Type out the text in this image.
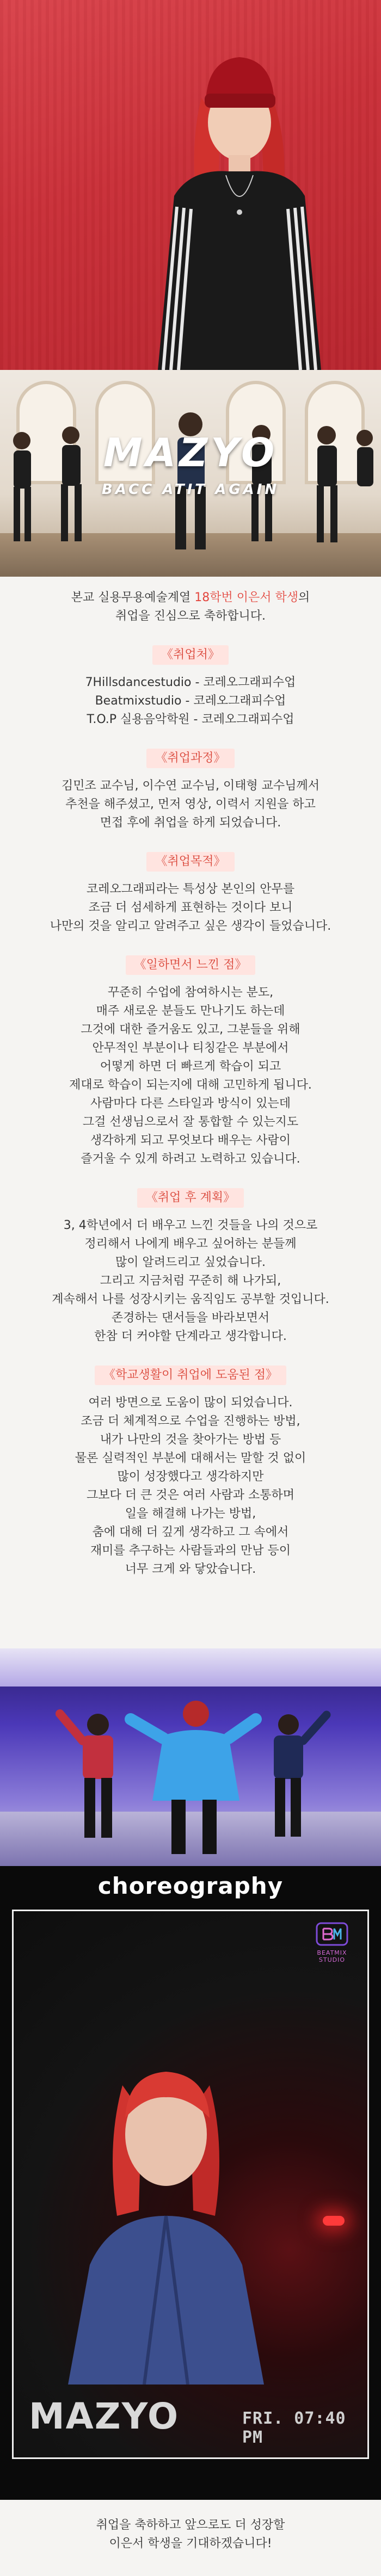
MAZYO
BACC ATIT AGAIN
본교 실용무용예술계열 18학번 이은서 학생의
취업을 진심으로 축하합니다.
《취업처》
7Hillsdancestudio - 코레오그래피수업
Beatmixstudio - 코레오그래피수업
T.O.P 실용음악학원 - 코레오그래피수업
《취업과정》
김민조 교수님, 이수연 교수님, 이태형 교수님께서
추천을 해주셨고, 먼저 영상, 이력서 지원을 하고
면접 후에 취업을 하게 되었습니다.
《취업목적》
코레오그래피라는 특성상 본인의 안무를
조금 더 섬세하게 표현하는 것이다 보니
나만의 것을 알리고 알려주고 싶은 생각이 들었습니다.
《일하면서 느낀 점》
꾸준히 수업에 참여하시는 분도,
매주 새로운 분들도 만나기도 하는데
그것에 대한 즐거움도 있고, 그분들을 위해
안무적인 부분이나 티칭같은 부분에서
어떻게 하면 더 빠르게 학습이 되고
제대로 학습이 되는지에 대해 고민하게 됩니다.
사람마다 다른 스타일과 방식이 있는데
그걸 선생님으로서 잘 통합할 수 있는지도
생각하게 되고 무엇보다 배우는 사람이
즐거울 수 있게 하려고 노력하고 있습니다.
《취업 후 계획》
3, 4학년에서 더 배우고 느낀 것들을 나의 것으로
정리해서 나에게 배우고 싶어하는 분들께
많이 알려드리고 싶었습니다.
그리고 지금처럼 꾸준히 해 나가되,
계속해서 나를 성장시키는 움직임도 공부할 것입니다.
존경하는 댄서들을 바라보면서
한참 더 커야할 단계라고 생각합니다.
《학교생활이 취업에 도움된 점》
여러 방면으로 도움이 많이 되었습니다.
조금 더 체계적으로 수업을 진행하는 방법,
내가 나만의 것을 찾아가는 방법 등
물론 실력적인 부분에 대해서는 말할 것 없이
많이 성장했다고 생각하지만
그보다 더 큰 것은 여러 사람과 소통하며
일을 해결해 나가는 방법,
춤에 대해 더 깊게 생각하고 그 속에서
재미를 추구하는 사람들과의 만남 등이
너무 크게 와 닿았습니다.
choreography
BEATMIX STUDIO
MAZYO	FRI. 07:40 PM
취업을 축하하고 앞으로도 더 성장할
이은서 학생을 기대하겠습니다!
